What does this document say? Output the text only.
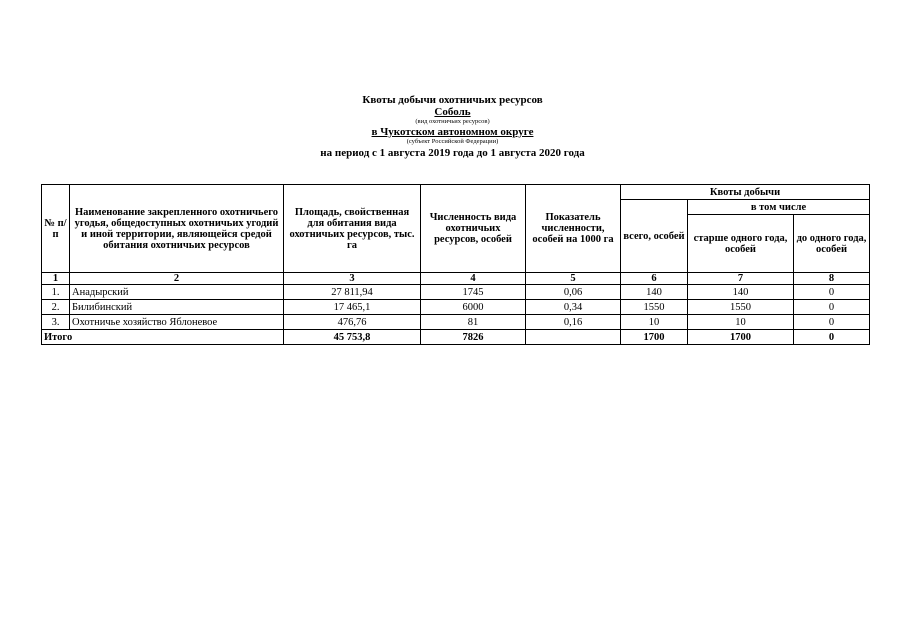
Квоты добычи охотничьих ресурсов
Соболь
(вид охотничьих ресурсов)
в Чукотском автономном округе
(субъект Российской Федерации)
на период с 1 августа 2019 года до 1 августа 2020 года
№ п/п	Наименование закрепленного охотничьего угодья, общедоступных охотничьих угодий и иной территории, являющейся средой обитания охотничьих ресурсов	Площадь, свойственная для обитания вида охотничьих ресурсов, тыс. га	Численность вида охотничьих ресурсов, особей	Показатель численности, особей на 1000 га	Квоты добычи		
					всего, особей	в том числе	
						старше одного года, особей	до одного года, особей
1	2	3	4	5	6	7	8
1.	Анадырский	27 811,94	1745	0,06	140	140	0
2.	Билибинский	17 465,1	6000	0,34	1550	1550	0
3.	Охотничье хозяйство Яблоневое	476,76	81	0,16	10	10	0
Итого		45 753,8	7826		1700	1700	0
